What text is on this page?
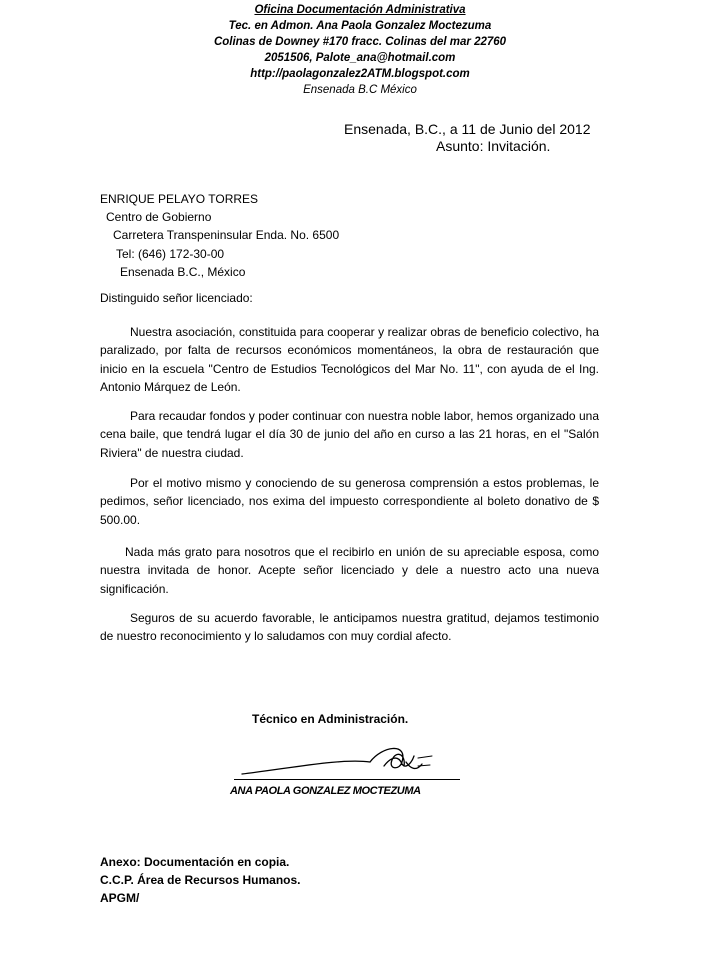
Oficina Documentación Administrativa
Tec. en Admon. Ana Paola Gonzalez Moctezuma
Colinas de Downey #170 fracc. Colinas del mar 22760
2051506, Palote_ana@hotmail.com
http://paolagonzalez2ATM.blogspot.com
Ensenada B.C México
Ensenada, B.C., a 11 de Junio del 2012
Asunto: Invitación.
ENRIQUE PELAYO TORRES
Centro de Gobierno
Carretera Transpeninsular Enda. No. 6500
Tel: (646) 172-30-00
Ensenada B.C., México
Distinguido señor licenciado:

Nuestra asociación, constituida para cooperar y realizar obras de beneficio colectivo, ha paralizado, por falta de recursos económicos momentáneos, la obra de restauración que inicio en la escuela "Centro de Estudios Tecnológicos del Mar No. 11", con ayuda de el Ing. Antonio Márquez de León.

Para recaudar fondos y poder continuar con nuestra noble labor, hemos organizado una cena baile, que tendrá lugar el día 30 de junio del año en curso a las 21 horas, en el "Salón Riviera" de nuestra ciudad.

Por el motivo mismo y conociendo de su generosa comprensión a estos problemas, le pedimos, señor licenciado, nos exima del impuesto correspondiente al boleto donativo de $ 500.00.

Nada más grato para nosotros que el recibirlo en unión de su apreciable esposa, como nuestra invitada de honor. Acepte señor licenciado y dele a nuestro acto una nueva significación.

Seguros de su acuerdo favorable, le anticipamos nuestra gratitud, dejamos testimonio de nuestro reconocimiento y lo saludamos con muy cordial afecto.

Técnico en Administración.
ANA PAOLA GONZALEZ MOCTEZUMA
Anexo: Documentación en copia.
C.C.P. Área de Recursos Humanos.
APGM/
